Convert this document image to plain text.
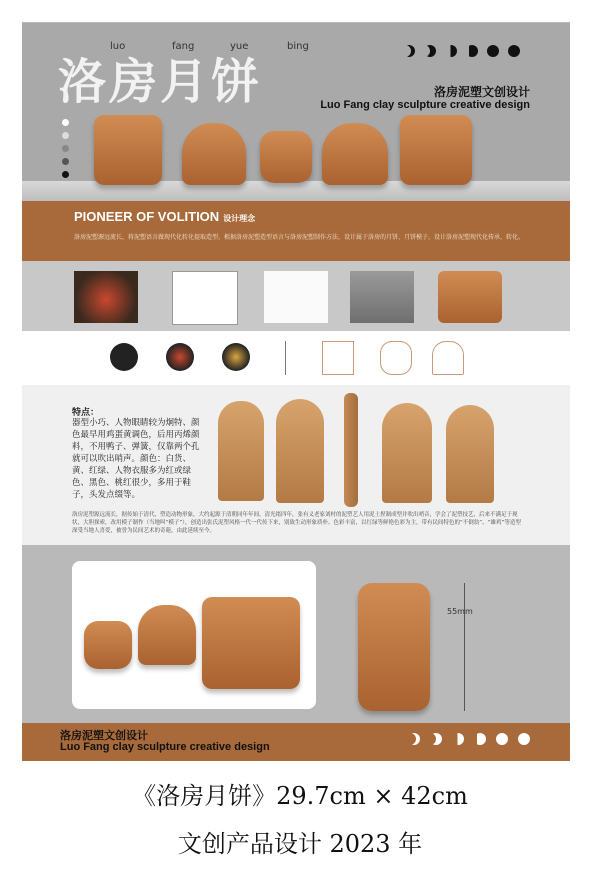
洛房月饼
luo	fang	yue	bing
洛房泥塑文创设计
Luo Fang clay sculpture creative design
PIONEER OF VOLITION 设计理念
洛房泥塑源远流长，将泥塑语言做现代化转化提取造型。根据洛房泥塑造型语言与洛房泥塑制作方法，设计属于洛房的月饼、月饼模子，设计洛房泥塑现代化传承、转化。
特点：
器型小巧、人物眼睛较为炯特、颜色最早用鸡蛋黄调色，后用丙烯颜料，不用鸭子、弹簧，仅靠两个孔就可以吹出哨声。颜色：白货、黄、红绿、人物衣服多为红或绿色、黑色、桃红很少，多用于鞋子，头发点缀等。
洛房泥塑源远流长，据传始于清代，塑造动物形象，大约起源于清朝同年年间。清光绪四年，张有义老家刘村的泥塑艺人用泥土捏制成型并吹出哨音，学会了泥塑技艺，后来不满足于现状，大胆探索，改用模子制作（当地叫“模子”），创造出张氏泥塑风格一代一代传下来，别致生动形象质朴。色彩丰富，以红绿等鲜艳色彩为主，带有民间特色的“不倒翁”、“雄鸡”等造型深受当地人喜爱，被誉为民间艺术的奇葩，由此延续至今。
55mm
洛房泥塑文创设计
Luo Fang clay sculpture creative design
《洛房月饼》29.7cm × 42cm
文创产品设计 2023 年
